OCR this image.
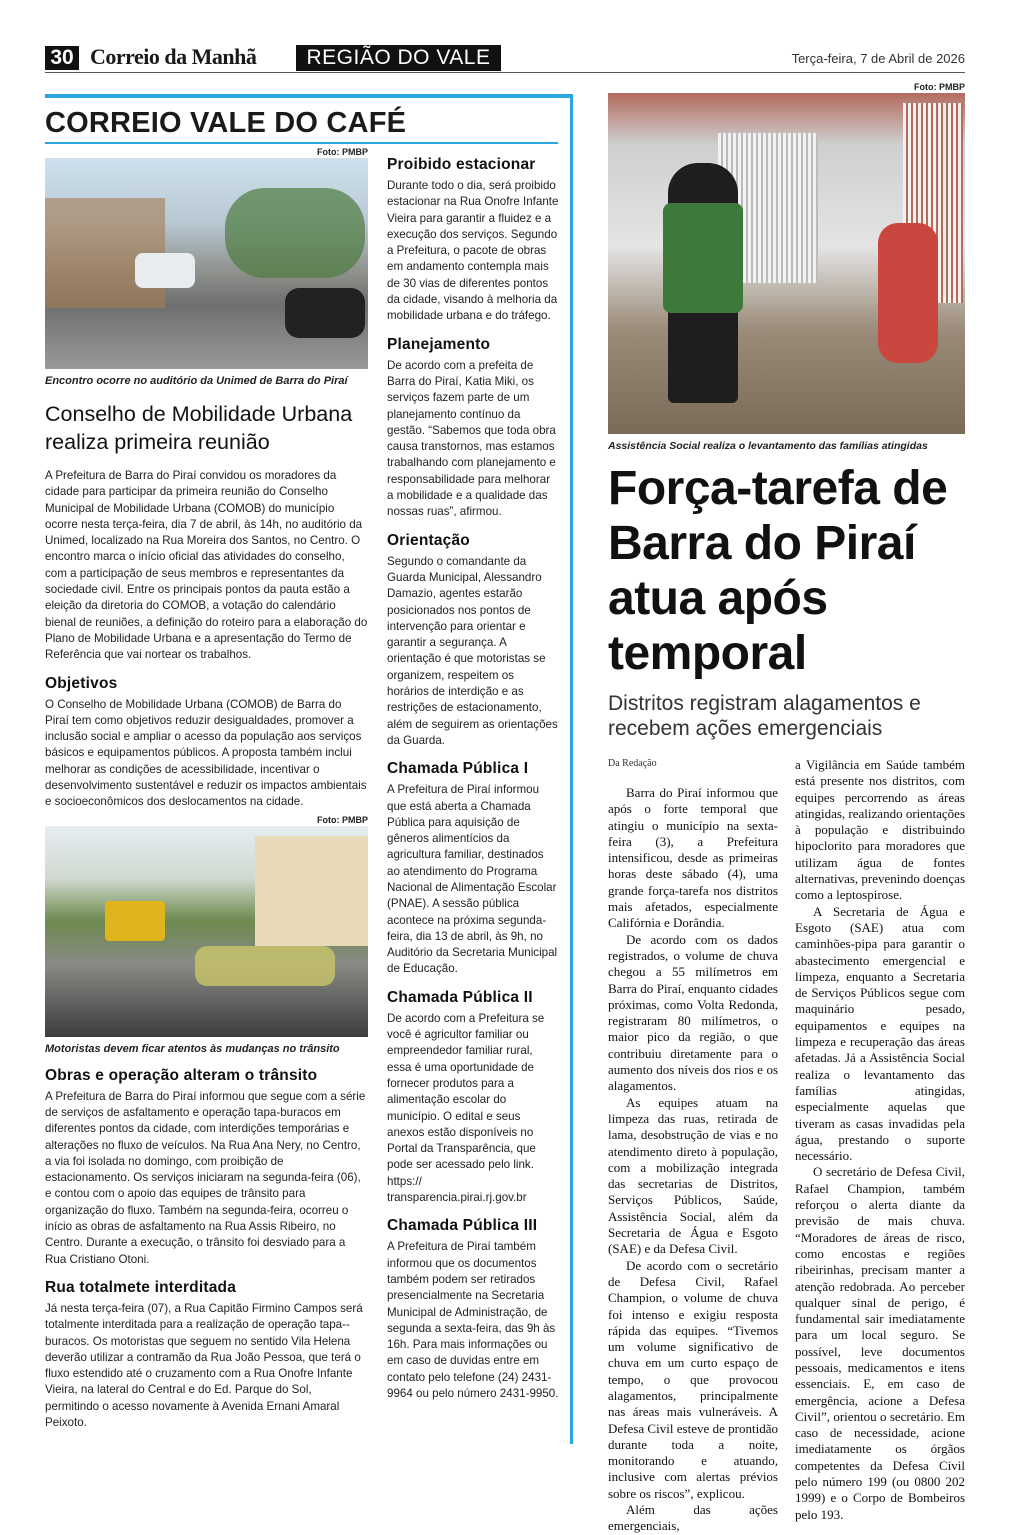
30 Correio da Manhã	REGIÃO DO VALE	Terça-feira, 7 de Abril de 2026
CORREIO VALE DO CAFÉ
Foto: PMBP
Encontro ocorre no auditório da Unimed de Barra do Piraí
Conselho de Mobilidade Urbana realiza primeira reunião
A Prefeitura de Barra do Piraí convidou os moradores da cidade para participar da primeira reunião do Conselho Municipal de Mobilidade Urbana (COMOB) do município ocorre nesta terça-feira, dia 7 de abril, às 14h, no auditório da Unimed, localizado na Rua Moreira dos Santos, no Centro. O encontro marca o início oficial das atividades do conselho, com a participação de seus membros e representantes da sociedade civil. Entre os principais pontos da pauta estão a eleição da diretoria do COMOB, a votação do calendário bienal de reuniões, a definição do roteiro para a elaboração do Plano de Mobilidade Urbana e a apresentação do Termo de Referência que vai nortear os trabalhos.
Objetivos
O Conselho de Mobilidade Urbana (COMOB) de Barra do Piraí tem como objetivos reduzir desigualdades, promover a inclusão social e ampliar o acesso da população aos serviços básicos e equipamentos públicos. A proposta também inclui melhorar as condições de acessibilidade, incentivar o desenvolvimento sustentável e reduzir os impactos ambientais e socioeconômicos dos deslocamentos na cidade.
Foto: PMBP
Motoristas devem ficar atentos às mudanças no trânsito
Obras e operação alteram o trânsito
A Prefeitura de Barra do Piraí informou que segue com a série de serviços de asfaltamento e operação tapa-buracos em diferentes pontos da cidade, com interdições temporárias e alterações no fluxo de veículos. Na Rua Ana Nery, no Centro, a via foi isolada no domingo, com proibição de estacionamento. Os serviços iniciaram na segunda-feira (06), e contou com o apoio das equipes de trânsito para organização do fluxo. Também na segunda-feira, ocorreu o início as obras de asfaltamento na Rua Assis Ribeiro, no Centro. Durante a execução, o trânsito foi desviado para a Rua Cristiano Otoni.
Rua totalmete interditada
Já nesta terça-feira (07), a Rua Capitão Firmino Campos será totalmente interditada para a realização de operação tapa--buracos. Os motoristas que seguem no sentido Vila Helena deverão utilizar a contramão da Rua João Pessoa, que terá o fluxo estendido até o cruzamento com a Rua Onofre Infante Vieira, na lateral do Central e do Ed. Parque do Sol, permitindo o acesso novamente à Avenida Ernani Amaral Peixoto.
Proibido estacionar
Durante todo o dia, será proibido estacionar na Rua Onofre Infante Vieira para garantir a fluidez e a execução dos serviços. Segundo a Prefeitura, o pacote de obras em andamento contempla mais de 30 vias de diferentes pontos da cidade, visando à melhoria da mobilidade urbana e do tráfego.
Planejamento
De acordo com a prefeita de Barra do Piraí, Katia Miki, os serviços fazem parte de um planejamento contínuo da gestão. “Sabemos que toda obra causa transtornos, mas estamos trabalhando com planejamento e responsabilidade para melhorar a mobilidade e a qualidade das nossas ruas”, afirmou.
Orientação
Segundo o comandante da Guarda Municipal, Alessandro Damazio, agentes estarão posicionados nos pontos de intervenção para orientar e garantir a segurança. A orientação é que motoristas se organizem, respeitem os horários de interdição e as restrições de estacionamento, além de seguirem as orientações da Guarda.
Chamada Pública I
A Prefeitura de Piraí informou que está aberta a Chamada Pública para aquisição de gêneros alimentícios da agricultura familiar, destinados ao atendimento do Programa Nacional de Alimentação Escolar (PNAE). A sessão pública acontece na próxima segunda-feira, dia 13 de abril, às 9h, no Auditório da Secretaria Municipal de Educação.
Chamada Pública II
De acordo com a Prefeitura se você é agricultor familiar ou empreendedor familiar rural, essa é uma oportunidade de fornecer produtos para a alimentação escolar do município. O edital e seus anexos estão disponíveis no Portal da Transparência, que pode ser acessado pelo link. https:// transparencia.pirai.rj.gov.br
Chamada Pública III
A Prefeitura de Piraí também informou que os documentos também podem ser retirados presencialmente na Secretaria Municipal de Administração, de segunda a sexta-feira, das 9h às 16h. Para mais informações ou em caso de duvidas entre em contato pelo telefone (24) 2431-9964 ou pelo número 2431-9950.
Foto: PMBP
Assistência Social realiza o levantamento das famílias atingidas
Força-tarefa de Barra do Piraí atua após temporal
Distritos registram alagamentos e recebem ações emergenciais
Da Redação

Barra do Piraí informou que após o forte temporal que atingiu o município na sexta-feira (3), a Prefeitura intensificou, desde as primeiras horas deste sábado (4), uma grande força-tarefa nos distritos mais afetados, especialmente Califórnia e Dorândia.

De acordo com os dados registrados, o volume de chuva chegou a 55 milímetros em Barra do Piraí, enquanto cidades próximas, como Volta Redonda, registraram 80 milímetros, o maior pico da região, o que contribuiu diretamente para o aumento dos níveis dos rios e os alagamentos.

As equipes atuam na limpeza das ruas, retirada de lama, desobstrução de vias e no atendimento direto à população, com a mobilização integrada das secretarias de Distritos, Serviços Públicos, Saúde, Assistência Social, além da Secretaria de Água e Esgoto (SAE) e da Defesa Civil.

De acordo com o secretário de Defesa Civil, Rafael Champion, o volume de chuva foi intenso e exigiu resposta rápida das equipes. “Tivemos um volume significativo de chuva em um curto espaço de tempo, o que provocou alagamentos, principalmente nas áreas mais vulneráveis. A Defesa Civil esteve de prontidão durante toda a noite, monitorando e atuando, inclusive com alertas prévios sobre os riscos”, explicou.

Além das ações emergenciais,

a Vigilância em Saúde também está presente nos distritos, com equipes percorrendo as áreas atingidas, realizando orientações à população e distribuindo hipoclorito para moradores que utilizam água de fontes alternativas, prevenindo doenças como a leptospirose.

A Secretaria de Água e Esgoto (SAE) atua com caminhões-pipa para garantir o abastecimento emergencial e limpeza, enquanto a Secretaria de Serviços Públicos segue com maquinário pesado, equipamentos e equipes na limpeza e recuperação das áreas afetadas. Já a Assistência Social realiza o levantamento das famílias atingidas, especialmente aquelas que tiveram as casas invadidas pela água, prestando o suporte necessário.

O secretário de Defesa Civil, Rafael Champion, também reforçou o alerta diante da previsão de mais chuva. “Moradores de áreas de risco, como encostas e regiões ribeirinhas, precisam manter a atenção redobrada. Ao perceber qualquer sinal de perigo, é fundamental sair imediatamente para um local seguro. Se possível, leve documentos pessoais, medicamentos e itens essenciais. E, em caso de emergência, acione a Defesa Civil”, orientou o secretário. Em caso de necessidade, acione imediatamente os órgãos competentes da Defesa Civil pelo número 199 (ou 0800 202 1999) e o Corpo de Bombeiros pelo 193.
